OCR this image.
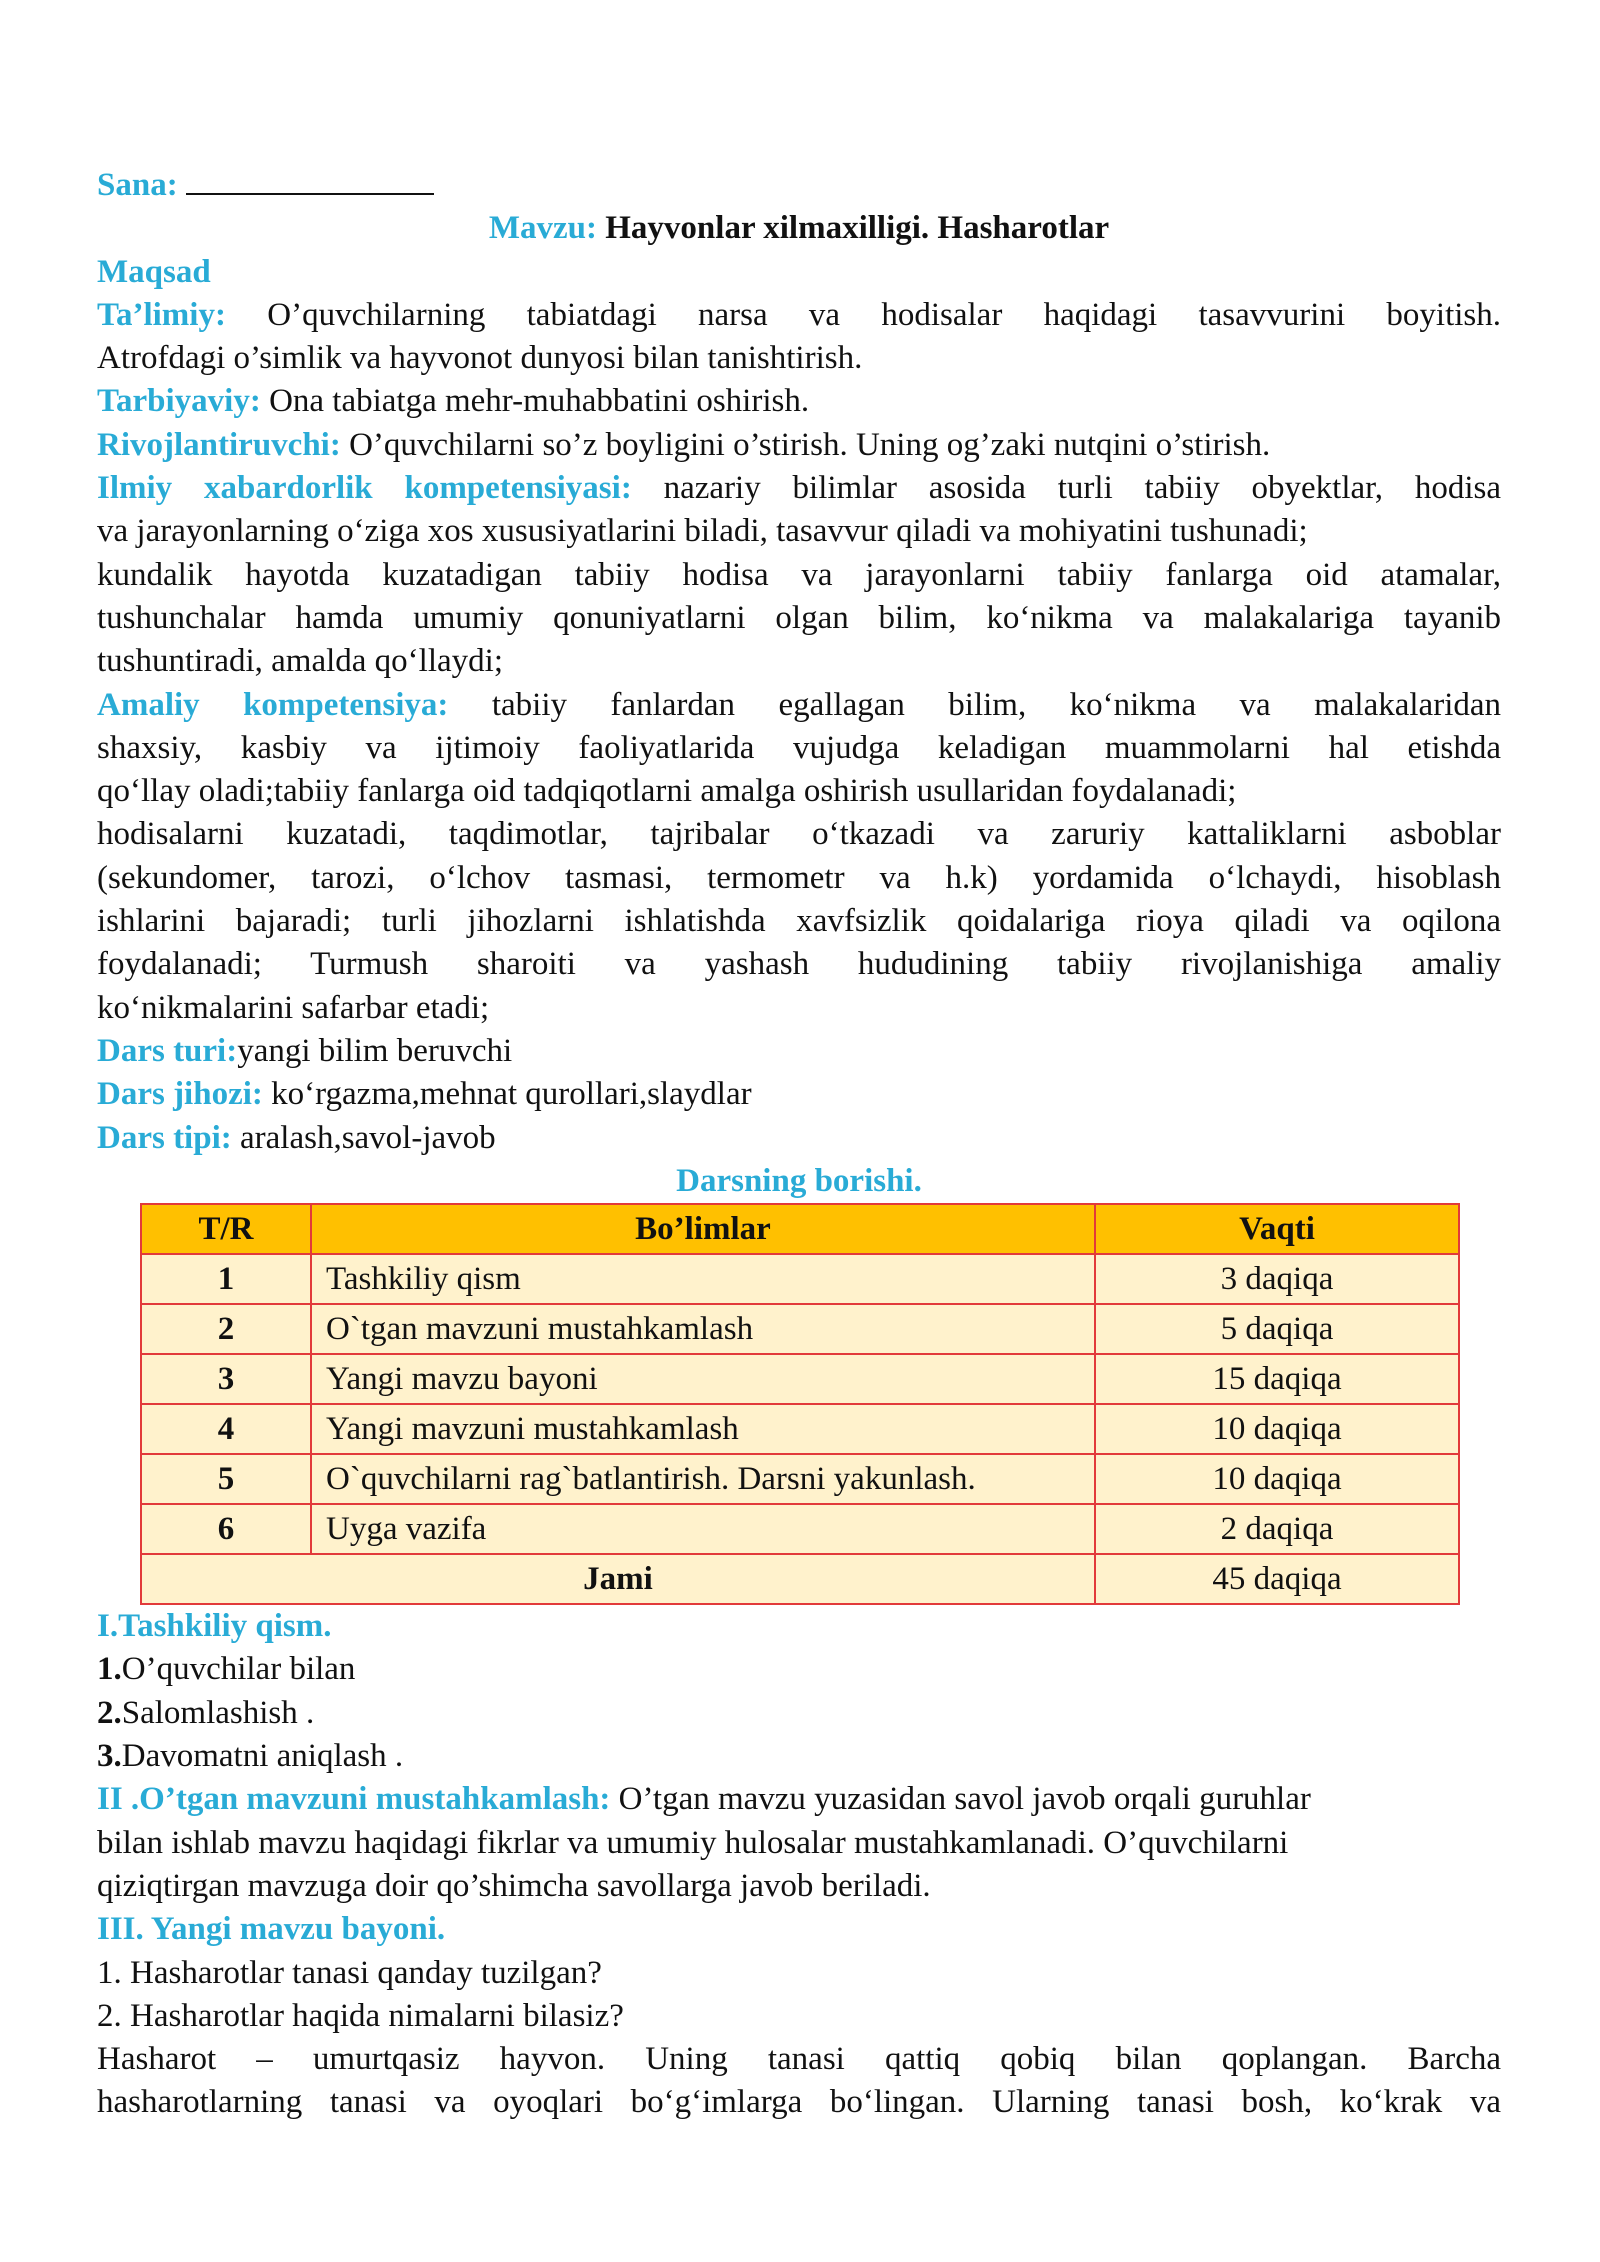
Sana:

Mavzu: Hayvonlar xilmaxilligi. Hasharotlar

Maqsad

Ta’limiy: O’quvchilarning tabiatdagi narsa va hodisalar haqidagi tasavvurini boyitish.

Atrofdagi o’simlik va hayvonot dunyosi bilan tanishtirish.

Tarbiyaviy: Ona tabiatga mehr-muhabbatini oshirish.

Rivojlantiruvchi: O’quvchilarni so’z boyligini o’stirish. Uning og’zaki nutqini o’stirish.

Ilmiy xabardorlik kompetensiyasi: nazariy bilimlar asosida turli tabiiy obyektlar, hodisa

va jarayonlarning o‘ziga xos xususiyatlarini biladi, tasavvur qiladi va mohiyatini tushunadi;

kundalik hayotda kuzatadigan tabiiy hodisa va jarayonlarni tabiiy fanlarga oid atamalar,

tushunchalar hamda umumiy qonuniyatlarni olgan bilim, ko‘nikma va malakalariga tayanib

tushuntiradi, amalda qo‘llaydi;

Amaliy kompetensiya: tabiiy fanlardan egallagan bilim, ko‘nikma va malakalaridan

shaxsiy, kasbiy va ijtimoiy faoliyatlarida vujudga keladigan muammolarni hal etishda

qo‘llay oladi;tabiiy fanlarga oid tadqiqotlarni amalga oshirish usullaridan foydalanadi;

hodisalarni kuzatadi, taqdimotlar, tajribalar o‘tkazadi va zaruriy kattaliklarni asboblar

(sekundomer, tarozi, o‘lchov tasmasi, termometr va h.k) yordamida o‘lchaydi, hisoblash

ishlarini bajaradi; turli jihozlarni ishlatishda xavfsizlik qoidalariga rioya qiladi va oqilona

foydalanadi; Turmush sharoiti va yashash hududining tabiiy rivojlanishiga amaliy

ko‘nikmalarini safarbar etadi;

Dars turi:yangi bilim beruvchi

Dars jihozi: ko‘rgazma,mehnat qurollari,slaydlar

Dars tipi: aralash,savol-javob

Darsning borishi.

T/R	Bo’limlar	Vaqti
1	Tashkiliy qism	3 daqiqa
2	O`tgan mavzuni mustahkamlash	5 daqiqa
3	Yangi mavzu bayoni	15 daqiqa
4	Yangi mavzuni mustahkamlash	10 daqiqa
5	O`quvchilarni rag`batlantirish. Darsni yakunlash.	10 daqiqa
6	Uyga vazifa	2 daqiqa
Jami		45 daqiqa

I.Tashkiliy qism.

1.O’quvchilar bilan

2.Salomlashish .

3.Davomatni aniqlash .

II .O’tgan mavzuni mustahkamlash: O’tgan mavzu yuzasidan savol javob orqali guruhlar

bilan ishlab mavzu haqidagi fikrlar va umumiy hulosalar mustahkamlanadi. O’quvchilarni

qiziqtirgan mavzuga doir qo’shimcha savollarga javob beriladi.

III. Yangi mavzu bayoni.

1. Hasharotlar tanasi qanday tuzilgan?

2. Hasharotlar haqida nimalarni bilasiz?

Hasharot – umurtqasiz hayvon. Uning tanasi qattiq qobiq bilan qoplangan. Barcha

hasharotlarning tanasi va oyoqlari bo‘g‘imlarga bo‘lingan. Ularning tanasi bosh, ko‘krak va
